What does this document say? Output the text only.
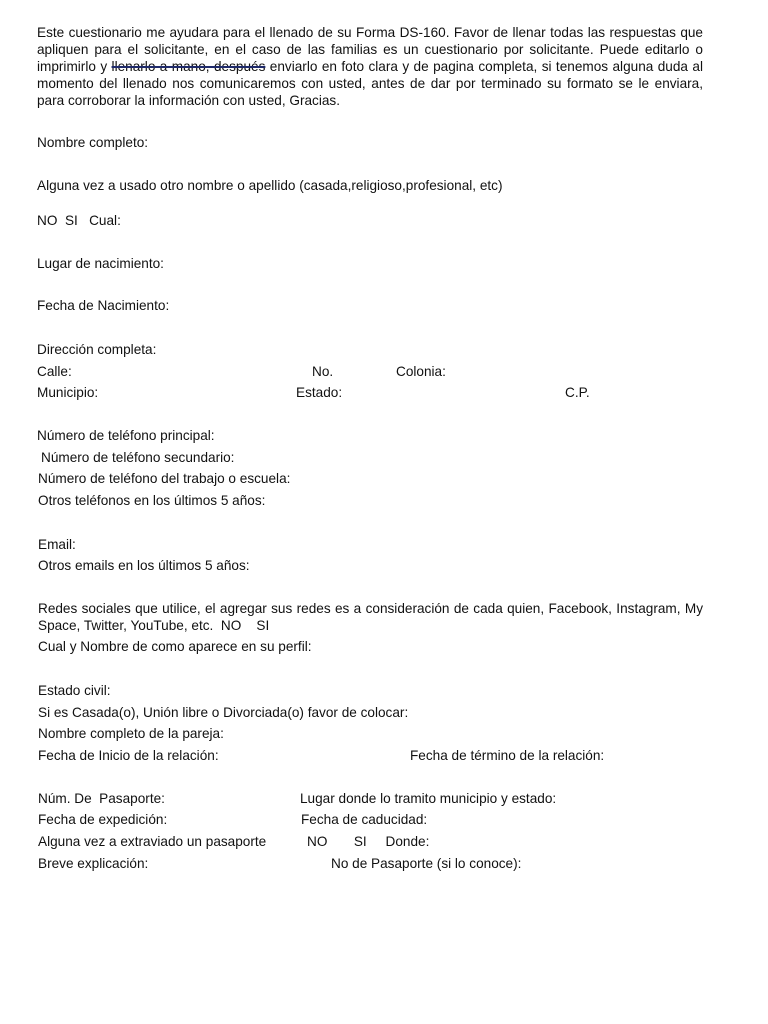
Este cuestionario me ayudara para el llenado de su Forma DS-160. Favor de llenar todas las respuestas que apliquen para el solicitante, en el caso de las familias es un cuestionario por solicitante. Puede editarlo o imprimirlo y llenarlo a mano, después enviarlo en foto clara y de pagina completa, si tenemos alguna duda al momento del llenado nos comunicaremos con usted, antes de dar por terminado su formato se le enviara, para corroborar la información con usted, Gracias.
Nombre completo:
Alguna vez a usado otro nombre o apellido (casada,religioso,profesional, etc)
NO  SI   Cual:
Lugar de nacimiento:
Fecha de Nacimiento:
Dirección completa:
Calle:	No.	Colonia:
Municipio:	Estado:	C.P.
Número de teléfono principal:
Número de teléfono secundario:
Número de teléfono del trabajo o escuela:
Otros teléfonos en los últimos 5 años:
Email:
Otros emails en los últimos 5 años:
Redes sociales que utilice, el agregar sus redes es a consideración de cada quien, Facebook, Instagram, My Space, Twitter, YouTube, etc.  NO    SI
Cual y Nombre de como aparece en su perfil:
Estado civil:
Si es Casada(o), Unión libre o Divorciada(o) favor de colocar:
Nombre completo de la pareja:
Fecha de Inicio de la relación:	Fecha de término de la relación:
Núm. De  Pasaporte:	Lugar donde lo tramito municipio y estado:
Fecha de expedición:	Fecha de caducidad:
Alguna vez a extraviado un pasaporte	NO       SI     Donde:
Breve explicación:	No de Pasaporte (si lo conoce):
